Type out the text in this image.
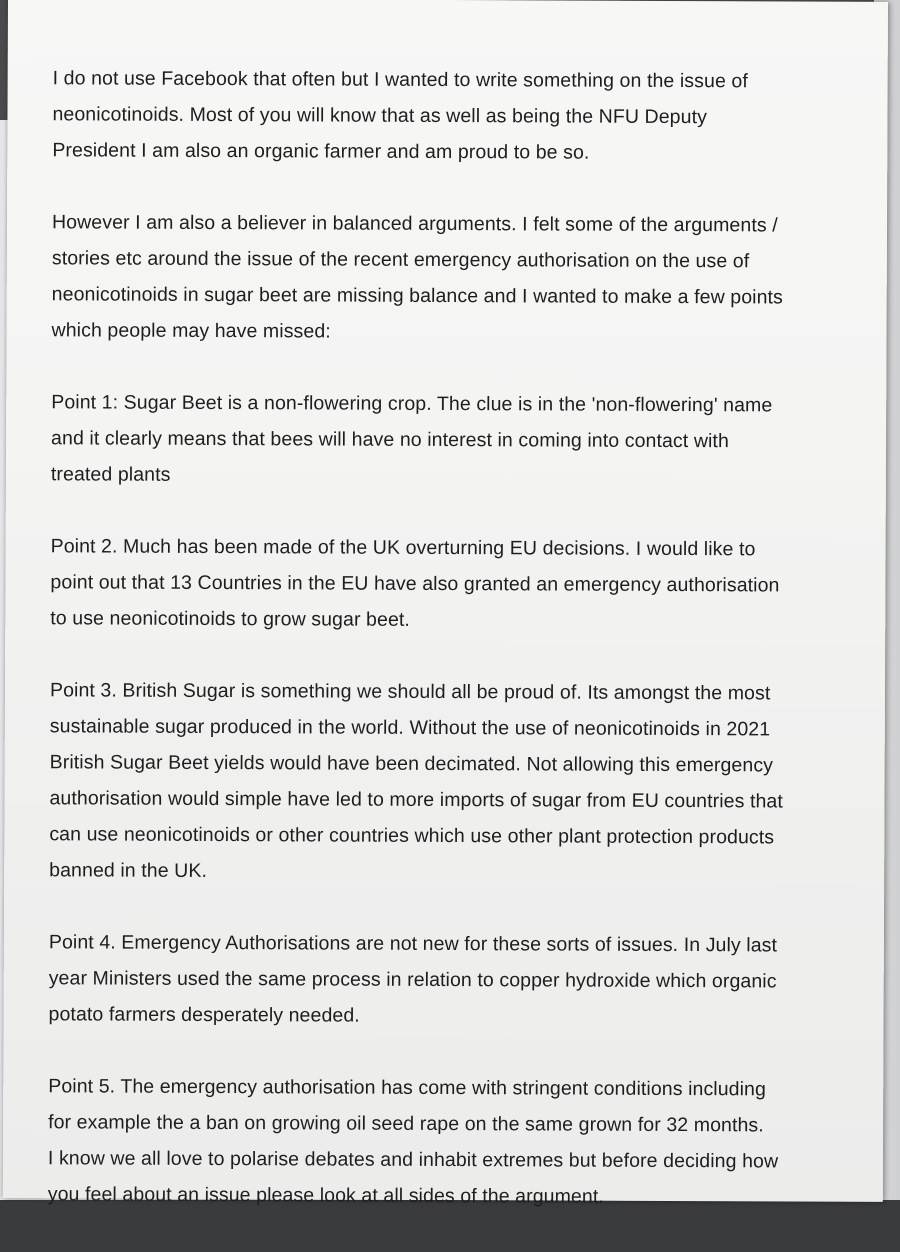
I do not use Facebook that often but I wanted to write something on the issue of
neonicotinoids. Most of you will know that as well as being the NFU Deputy
President I am also an organic farmer and am proud to be so.

However I am also a believer in balanced arguments. I felt some of the arguments /
stories etc around the issue of the recent emergency authorisation on the use of
neonicotinoids in sugar beet are missing balance and I wanted to make a few points
which people may have missed:

Point 1: Sugar Beet is a non-flowering crop. The clue is in the 'non-flowering' name
and it clearly means that bees will have no interest in coming into contact with
treated plants

Point 2. Much has been made of the UK overturning EU decisions. I would like to
point out that 13 Countries in the EU have also granted an emergency authorisation
to use neonicotinoids to grow sugar beet.

Point 3. British Sugar is something we should all be proud of. Its amongst the most
sustainable sugar produced in the world. Without the use of neonicotinoids in 2021
British Sugar Beet yields would have been decimated. Not allowing this emergency
authorisation would simple have led to more imports of sugar from EU countries that
can use neonicotinoids or other countries which use other plant protection products
banned in the UK.

Point 4. Emergency Authorisations are not new for these sorts of issues. In July last
year Ministers used the same process in relation to copper hydroxide which organic
potato farmers desperately needed.

Point 5. The emergency authorisation has come with stringent conditions including
for example the a ban on growing oil seed rape on the same grown for 32 months.
I know we all love to polarise debates and inhabit extremes but before deciding how
you feel about an issue please look at all sides of the argument.
